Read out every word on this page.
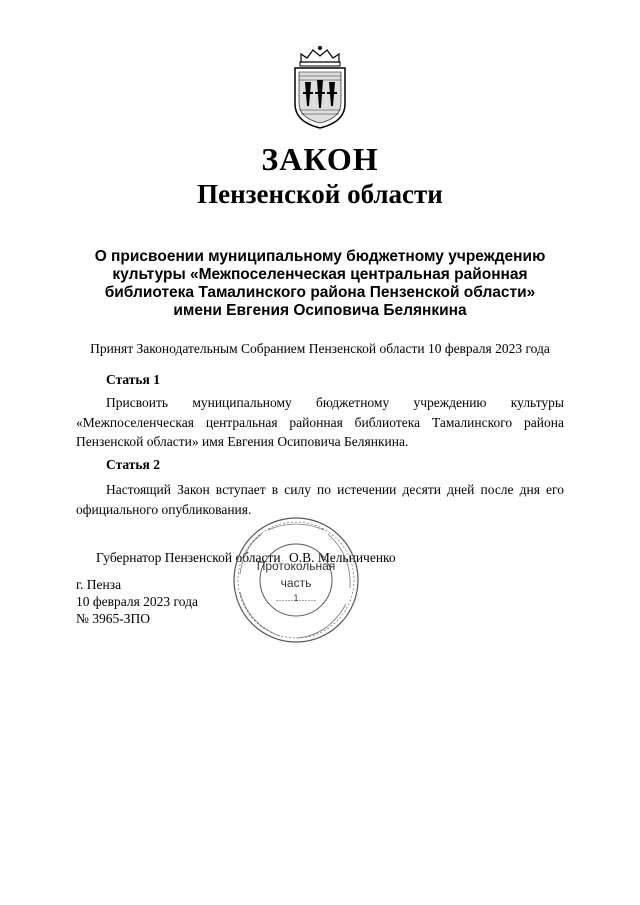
ЗАКОН
Пензенской области
О присвоении муниципальному бюджетному учреждению
культуры «Межпоселенческая центральная районная
библиотека Тамалинского района Пензенской области»
имени Евгения Осиповича Белянкина
Принят Законодательным Собранием Пензенской области 10 февраля 2023 года
Статья 1
Присвоить муниципальному бюджетному учреждению культуры «Межпоселенческая центральная районная библиотека Тамалинского района Пензенской области» имя Евгения Осиповича Белянкина.
Статья 2
Настоящий Закон вступает в силу по истечении десяти дней после дня его официального опубликования.
Губернатор Пензенской области О.В. Мельниченко
г. Пенза
10 февраля 2023 года
№ 3965-ЗПО
Протокольная
часть
……1……
